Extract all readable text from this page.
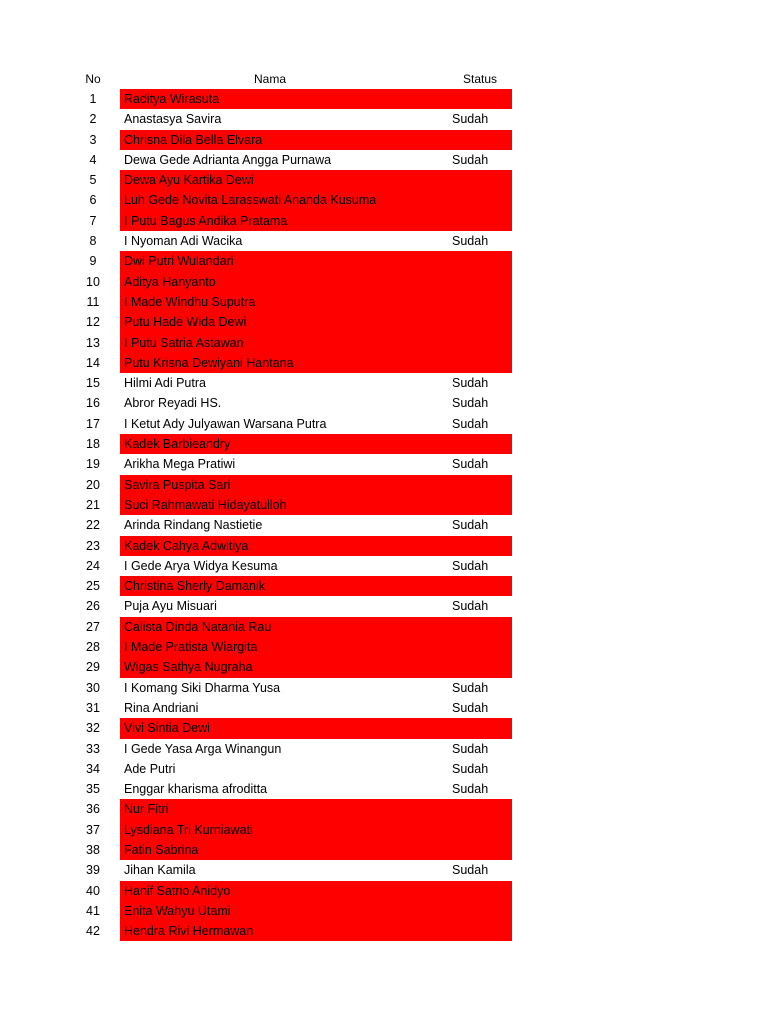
No	Nama	Status
1	Raditya Wirasuta
2	Anastasya Savira	Sudah
3	Chrisna Dila Bella Elvara
4	Dewa Gede Adrianta Angga Purnawa	Sudah
5	Dewa Ayu Kartika Dewi
6	Luh Gede Novita Larasswati Ananda Kusuma
7	I Putu Bagus Andika Pratama
8	I Nyoman Adi Wacika	Sudah
9	Dwi Putri Wulandari
10	Aditya Hanyanto
11	I Made Windhu Suputra
12	Putu Hade Wida Dewi
13	I Putu Satria Astawan
14	Putu Krisna Dewiyani Hantana
15	Hilmi Adi Putra	Sudah
16	Abror Reyadi HS.	Sudah
17	I Ketut Ady Julyawan Warsana Putra	Sudah
18	Kadek Barbieandry
19	Arikha Mega Pratiwi	Sudah
20	Savira Puspita Sari
21	Suci Rahmawati Hidayatulloh
22	Arinda Rindang Nastietie	Sudah
23	Kadek Cahya Adwitiya
24	I Gede Arya Widya Kesuma	Sudah
25	Christina Sherly Damanik
26	Puja Ayu Misuari	Sudah
27	Calista Dinda Natania Rau
28	I Made Pratista Wiargita
29	Wigas Sathya Nugraha
30	I Komang Siki Dharma Yusa	Sudah
31	Rina Andriani	Sudah
32	Vivi Sintia Dewi
33	I Gede Yasa Arga Winangun	Sudah
34	Ade Putri	Sudah
35	Enggar kharisma afroditta	Sudah
36	Nur Fitri
37	Lysdiana Tri Kurniawati
38	Fatin Sabrina
39	Jihan Kamila	Sudah
40	Hanif Satrio Anidyo
41	Enita Wahyu Utami
42	Hendra Rivi Hermawan
